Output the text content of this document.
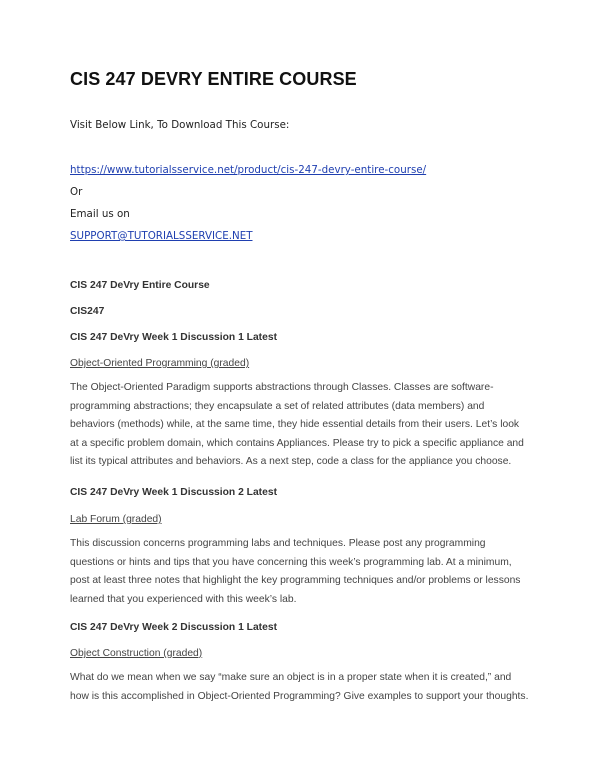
CIS 247 DEVRY ENTIRE COURSE
Visit Below Link, To Download This Course:
https://www.tutorialsservice.net/product/cis-247-devry-entire-course/
Or
Email us on
SUPPORT@TUTORIALSSERVICE.NET
CIS 247 DeVry Entire Course
CIS247
CIS 247 DeVry Week 1 Discussion 1 Latest
Object-Oriented Programming (graded)

The Object-Oriented Paradigm supports abstractions through Classes. Classes are software-programming abstractions; they encapsulate a set of related attributes (data members) and behaviors (methods) while, at the same time, they hide essential details from their users. Let’s look at a specific problem domain, which contains Appliances. Please try to pick a specific appliance and list its typical attributes and behaviors. As a next step, code a class for the appliance you choose.

CIS 247 DeVry Week 1 Discussion 2 Latest
Lab Forum (graded)

This discussion concerns programming labs and techniques. Please post any programming questions or hints and tips that you have concerning this week’s programming lab. At a minimum, post at least three notes that highlight the key programming techniques and/or problems or lessons learned that you experienced with this week’s lab.

CIS 247 DeVry Week 2 Discussion 1 Latest
Object Construction (graded)

What do we mean when we say “make sure an object is in a proper state when it is created,” and how is this accomplished in Object-Oriented Programming? Give examples to support your thoughts.
